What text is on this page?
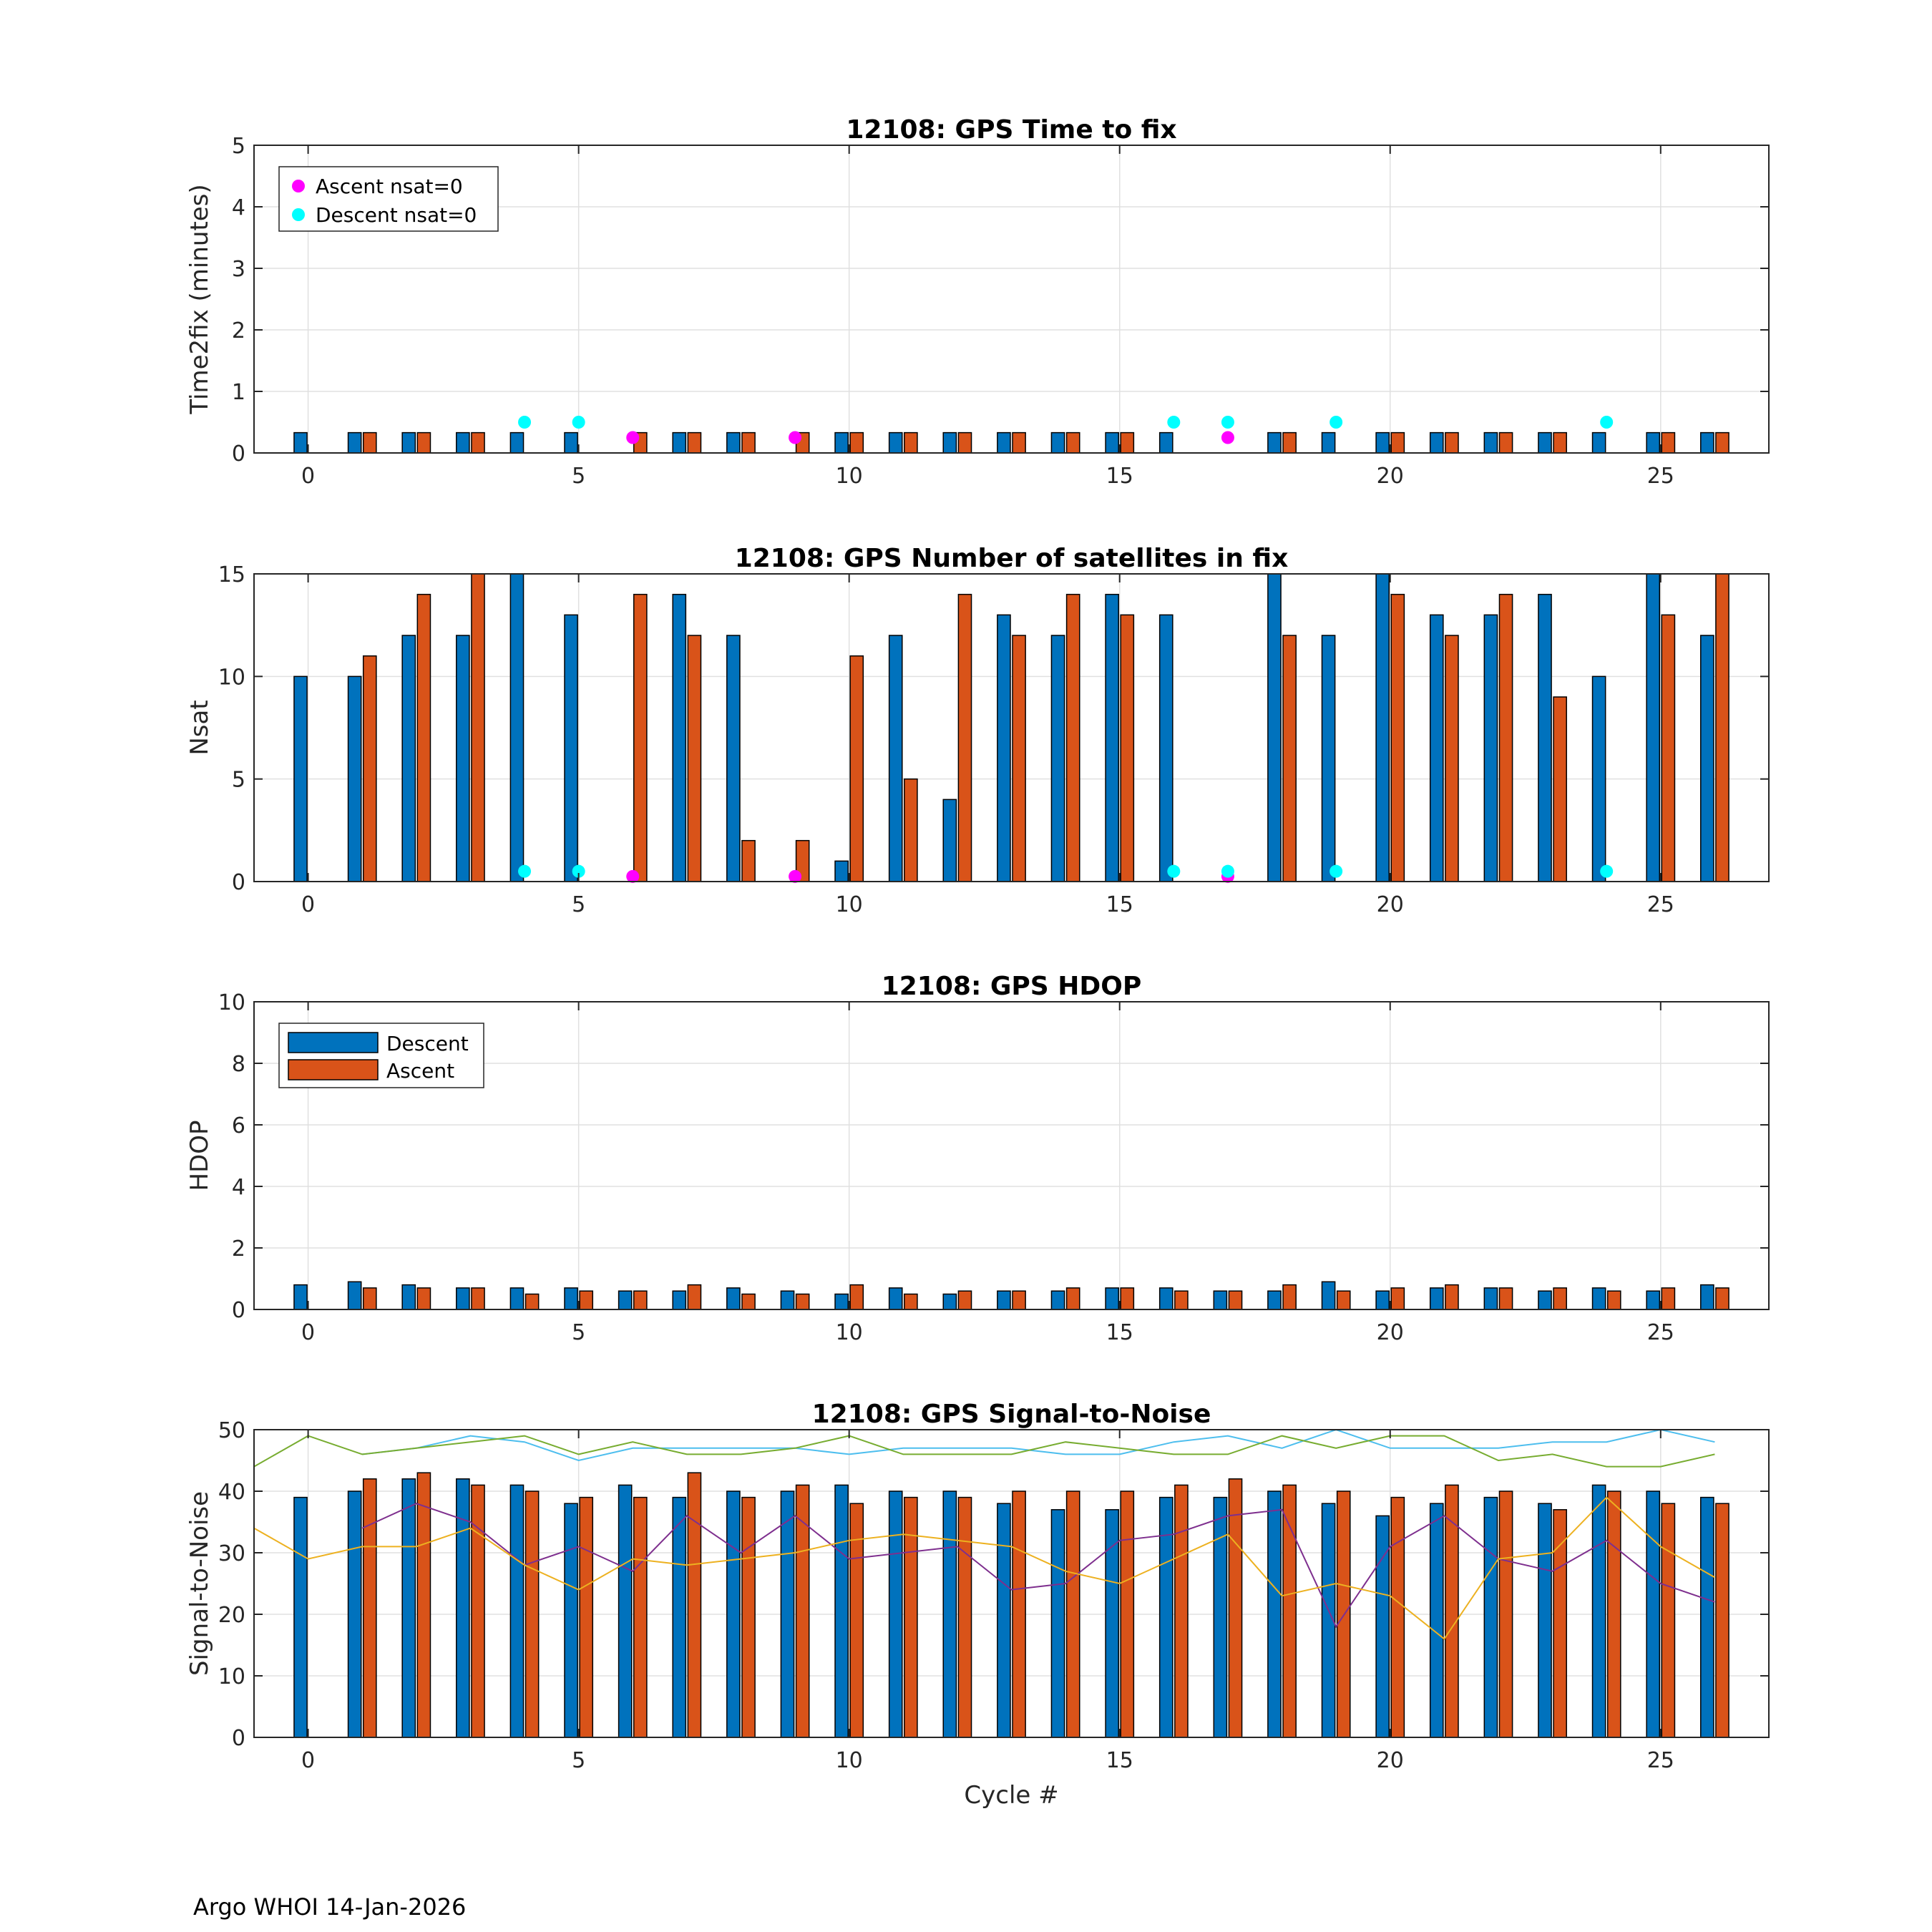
0	5	10	15	20	25
0
1
2
3
4
5
12108: GPS Time to fix
Time2fix (minutes)	Ascent nsat=0
Descent nsat=0
0	5	10	15	20	25
0
5
10
15
12108: GPS Number of satellites in fix
Nsat
0	5	10	15	20	25
0
2
4
6
8
10
12108: GPS HDOP
HDOP
Descent
Ascent
0	5	10	15	20	25
0
10
20
30
40
50
12108: GPS Signal-to-Noise
Signal-to-Noise
Cycle #
Argo WHOI 14-Jan-2026
